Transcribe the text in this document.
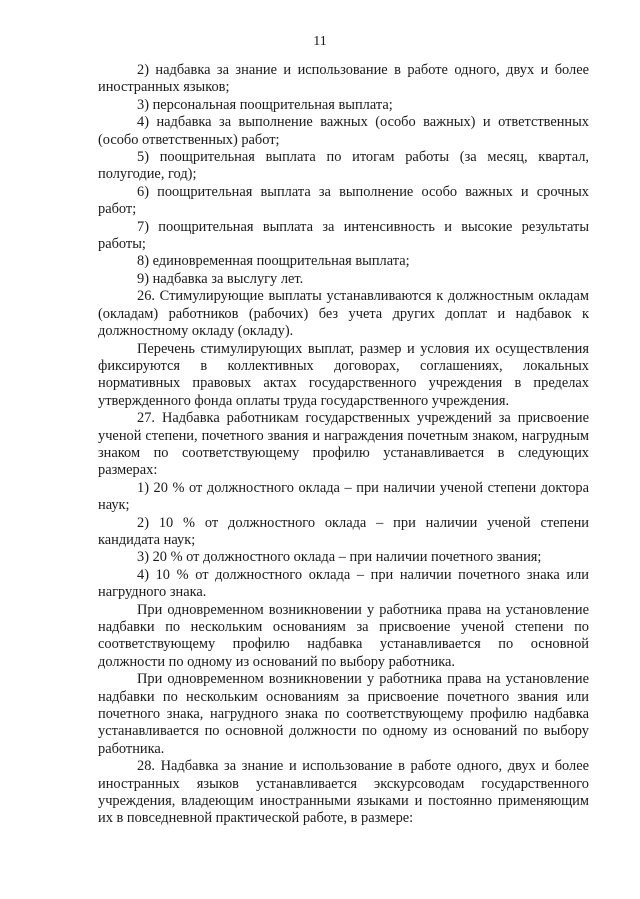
11

2) надбавка за знание и использование в работе одного, двух и более иностранных языков;

3) персональная поощрительная выплата;

4) надбавка за выполнение важных (особо важных) и ответственных (особо ответственных) работ;

5) поощрительная выплата по итогам работы (за месяц, квартал, полугодие, год);

6) поощрительная выплата за выполнение особо важных и срочных работ;

7) поощрительная выплата за интенсивность и высокие результаты работы;

8) единовременная поощрительная выплата;

9) надбавка за выслугу лет.

26. Стимулирующие выплаты устанавливаются к должностным окладам (окладам) работников (рабочих) без учета других доплат и надбавок к должностному окладу (окладу).

Перечень стимулирующих выплат, размер и условия их осуществления фиксируются в коллективных договорах, соглашениях, локальных нормативных правовых актах государственного учреждения в пределах утвержденного фонда оплаты труда государственного учреждения.

27. Надбавка работникам государственных учреждений за присвоение ученой степени, почетного звания и награждения почетным знаком, нагрудным знаком по соответствующему профилю устанавливается в следующих размерах:

1) 20 % от должностного оклада – при наличии ученой степени доктора наук;

2) 10 % от должностного оклада – при наличии ученой степени кандидата наук;

3) 20 % от должностного оклада – при наличии почетного звания;

4) 10 % от должностного оклада – при наличии почетного знака или нагрудного знака.

При одновременном возникновении у работника права на установление надбавки по нескольким основаниям за присвоение ученой степени по соответствующему профилю надбавка устанавливается по основной должности по одному из оснований по выбору работника.

При одновременном возникновении у работника права на установление надбавки по нескольким основаниям за присвоение почетного звания или почетного знака, нагрудного знака по соответствующему профилю надбавка устанавливается по основной должности по одному из оснований по выбору работника.

28. Надбавка за знание и использование в работе одного, двух и более иностранных языков устанавливается экскурсоводам государственного учреждения, владеющим иностранными языками и постоянно применяющим их в повседневной практической работе, в размере:
